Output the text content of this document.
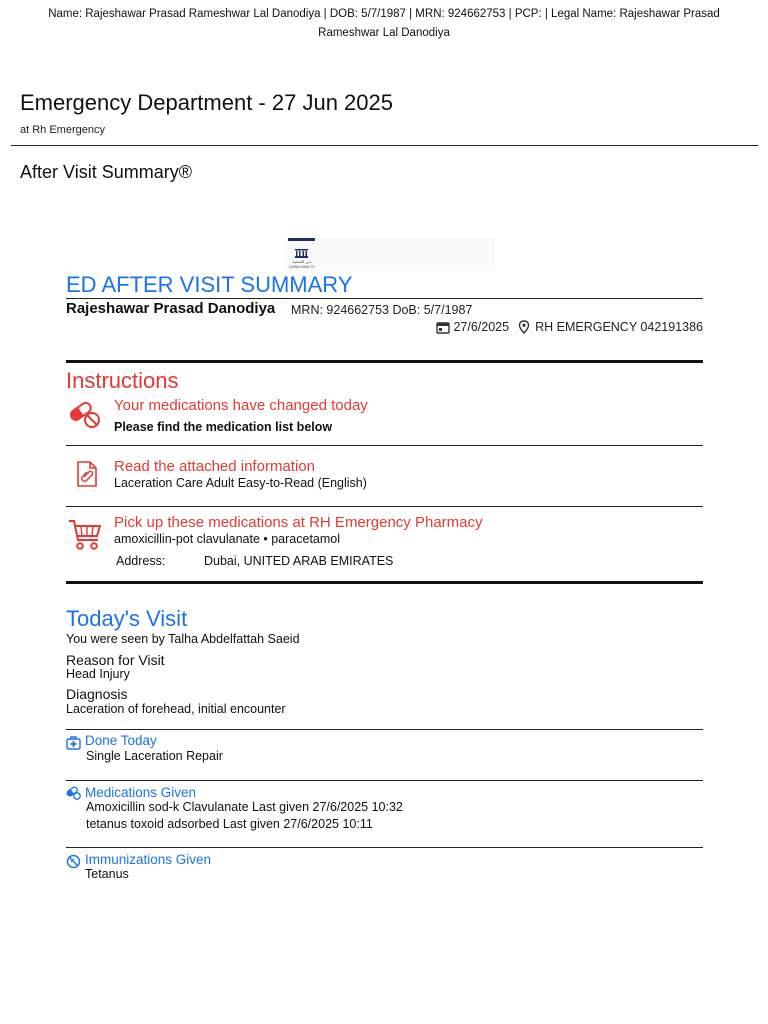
Name: Rajeshawar Prasad Rameshwar Lal Danodiya | DOB: 5/7/1987 | MRN: 924662753 | PCP: | Legal Name: Rajeshawar Prasad
Rameshwar Lal Danodiya
Emergency Department - 27 Jun 2025
at Rh Emergency
After Visit Summary®
دبي الصحية
DUBAI HEALTH
ED AFTER VISIT SUMMARY
Rajeshawar Prasad Danodiya MRN: 924662753 DoB: 5/7/1987
27/6/2025 RH EMERGENCY 042191386
Instructions
Your medications have changed today
Please find the medication list below
Read the attached information
Laceration Care Adult Easy-to-Read (English)
Pick up these medications at RH Emergency Pharmacy
amoxicillin-pot clavulanate • paracetamol
Address:	Dubai, UNITED ARAB EMIRATES
Today's Visit
You were seen by Talha Abdelfattah Saeid
Reason for Visit
Head Injury
Diagnosis
Laceration of forehead, initial encounter
Done Today
Single Laceration Repair
Medications Given
Amoxicillin sod-k Clavulanate Last given 27/6/2025 10:32
tetanus toxoid adsorbed Last given 27/6/2025 10:11
Immunizations Given
Tetanus
